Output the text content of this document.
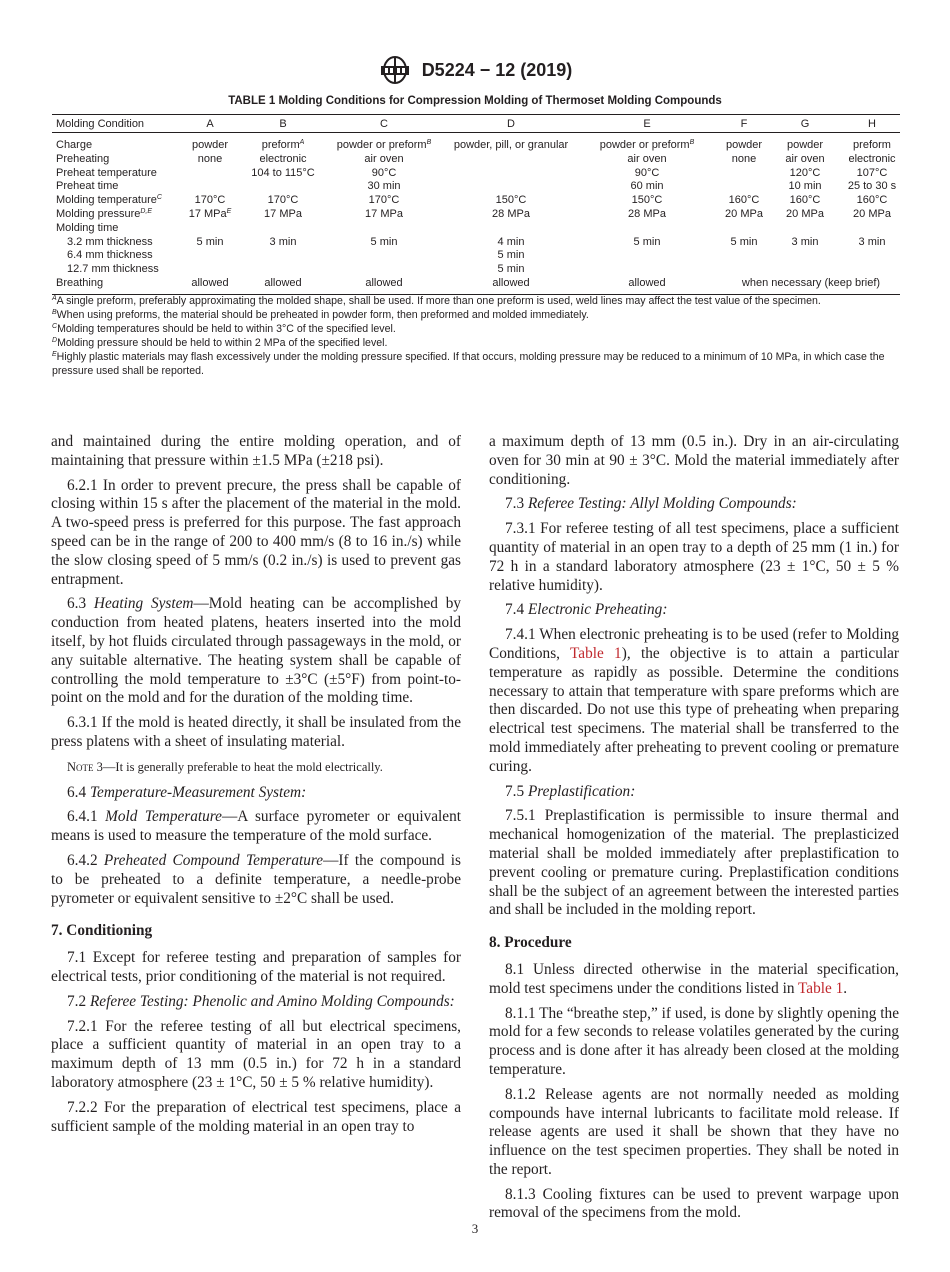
D5224 − 12 (2019)
TABLE 1 Molding Conditions for Compression Molding of Thermoset Molding Compounds
Molding Condition	A	B	C	D	E	F	G	H
Charge	powder	preform$^A$	powder or preform$^B$	powder, pill, or granular	powder or preform$^B$	powder	powder	preform
Preheating	none	electronic	air oven		air oven	none	air oven	electronic
Preheat temperature		104 to 115°C	90°C		90°C		120°C	107°C
Preheat time			30 min		60 min		10 min	25 to 30 s
Molding temperature$^C$	170°C	170°C	170°C	150°C	150°C	160°C	160°C	160°C
Molding pressure$^{D,E}$	17 MPa$^E$	17 MPa	17 MPa	28 MPa	28 MPa	20 MPa	20 MPa	20 MPa
Molding time								
3.2 mm thickness	5 min	3 min	5 min	4 min	5 min	5 min	3 min	3 min
6.4 mm thickness				5 min				
12.7 mm thickness				5 min				
Breathing	allowed	allowed	allowed	allowed	allowed	when necessary (keep brief)		
$^A$A single preform, preferably approximating the molded shape, shall be used. If more than one preform is used, weld lines may affect the test value of the specimen.
$^B$When using preforms, the material should be preheated in powder form, then preformed and molded immediately.
$^C$Molding temperatures should be held to within 3°C of the specified level.
$^D$Molding pressure should be held to within 2 MPa of the specified level.
$^E$Highly plastic materials may flash excessively under the molding pressure specified. If that occurs, molding pressure may be reduced to a minimum of 10 MPa, in which case the pressure used shall be reported.

and maintained during the entire molding operation, and of maintaining that pressure within ±1.5 MPa (±218 psi).

6.2.1 In order to prevent precure, the press shall be capable of closing within 15 s after the placement of the material in the mold. A two-speed press is preferred for this purpose. The fast approach speed can be in the range of 200 to 400 mm/s (8 to 16 in./s) while the slow closing speed of 5 mm/s (0.2 in./s) is used to prevent gas entrapment.

6.3 Heating System—Mold heating can be accomplished by conduction from heated platens, heaters inserted into the mold itself, by hot fluids circulated through passageways in the mold, or any suitable alternative. The heating system shall be capable of controlling the mold temperature to ±3°C (±5°F) from point-to-point on the mold and for the duration of the molding time.

6.3.1 If the mold is heated directly, it shall be insulated from the press platens with a sheet of insulating material.

Note 3—It is generally preferable to heat the mold electrically.

6.4 Temperature-Measurement System:

6.4.1 Mold Temperature—A surface pyrometer or equivalent means is used to measure the temperature of the mold surface.

6.4.2 Preheated Compound Temperature—If the compound is to be preheated to a definite temperature, a needle-probe pyrometer or equivalent sensitive to ±2°C shall be used.

7. Conditioning

7.1 Except for referee testing and preparation of samples for electrical tests, prior conditioning of the material is not required.

7.2 Referee Testing: Phenolic and Amino Molding Compounds:

7.2.1 For the referee testing of all but electrical specimens, place a sufficient quantity of material in an open tray to a maximum depth of 13 mm (0.5 in.) for 72 h in a standard laboratory atmosphere (23 ± 1°C, 50 ± 5 % relative humidity).

7.2.2 For the preparation of electrical test specimens, place a sufficient sample of the molding material in an open tray to

a maximum depth of 13 mm (0.5 in.). Dry in an air-circulating oven for 30 min at 90 ± 3°C. Mold the material immediately after conditioning.

7.3 Referee Testing: Allyl Molding Compounds:

7.3.1 For referee testing of all test specimens, place a sufficient quantity of material in an open tray to a depth of 25 mm (1 in.) for 72 h in a standard laboratory atmosphere (23 ± 1°C, 50 ± 5 % relative humidity).

7.4 Electronic Preheating:

7.4.1 When electronic preheating is to be used (refer to Molding Conditions, Table 1), the objective is to attain a particular temperature as rapidly as possible. Determine the conditions necessary to attain that temperature with spare preforms which are then discarded. Do not use this type of preheating when preparing electrical test specimens. The material shall be transferred to the mold immediately after preheating to prevent cooling or premature curing.

7.5 Preplastification:

7.5.1 Preplastification is permissible to insure thermal and mechanical homogenization of the material. The preplasticized material shall be molded immediately after preplastification to prevent cooling or premature curing. Preplastification conditions shall be the subject of an agreement between the interested parties and shall be included in the molding report.

8. Procedure

8.1 Unless directed otherwise in the material specification, mold test specimens under the conditions listed in Table 1.

8.1.1 The “breathe step,” if used, is done by slightly opening the mold for a few seconds to release volatiles generated by the curing process and is done after it has already been closed at the molding temperature.

8.1.2 Release agents are not normally needed as molding compounds have internal lubricants to facilitate mold release. If release agents are used it shall be shown that they have no influence on the test specimen properties. They shall be noted in the report.

8.1.3 Cooling fixtures can be used to prevent warpage upon removal of the specimens from the mold.

3
